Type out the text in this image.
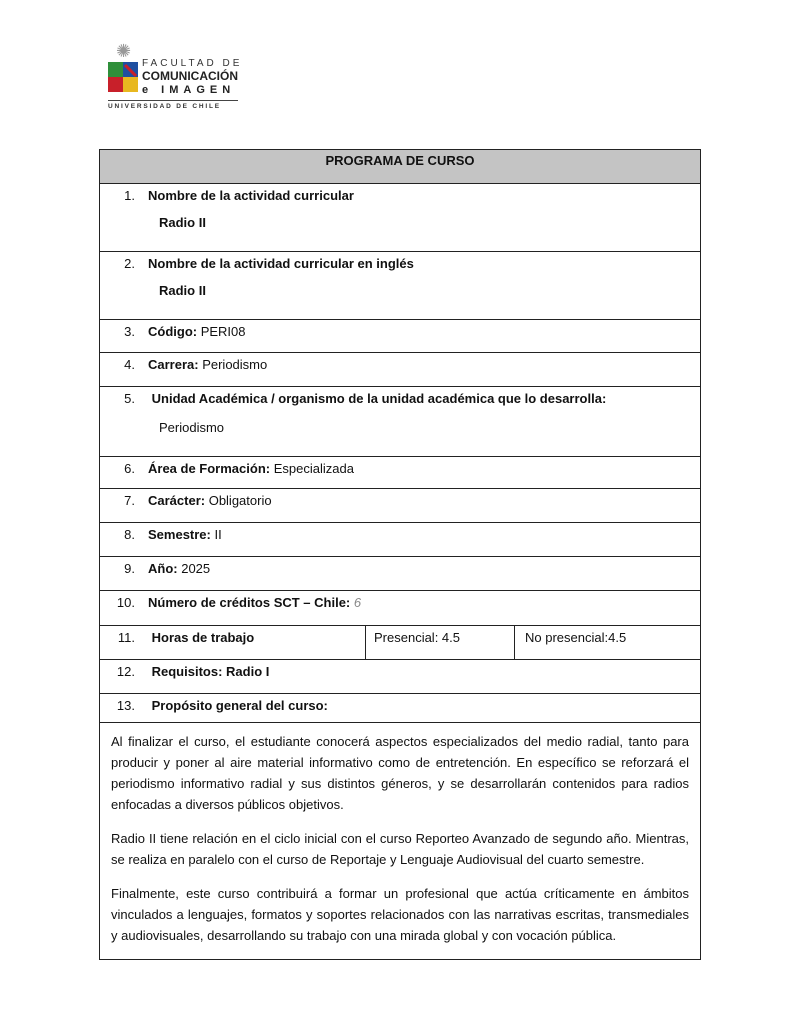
✺
FACULTAD DE
COMUNICACIÓN
e IMAGEN
UNIVERSIDAD DE CHILE
PROGRAMA DE CURSO

1. Nombre de la actividad curricular
Radio II

2. Nombre de la actividad curricular en inglés
Radio II

3. Código: PERI08

4. Carrera: Periodismo

5. Unidad Académica / organismo de la unidad académica que lo desarrolla:
Periodismo

6. Área de Formación: Especializada

7. Carácter: Obligatorio

8. Semestre: II

9. Año: 2025

10. Número de créditos SCT – Chile: 6

11. Horas de trabajo	Presencial: 4.5	No presencial:4.5

12. Requisitos: Radio I

13. Propósito general del curso:

Al finalizar el curso, el estudiante conocerá aspectos especializados del medio radial, tanto para producir y poner al aire material informativo como de entretención. En específico se reforzará el periodismo informativo radial y sus distintos géneros, y se desarrollarán contenidos para radios enfocadas a diversos públicos objetivos.

Radio II tiene relación en el ciclo inicial con el curso Reporteo Avanzado de segundo año. Mientras, se realiza en paralelo con el curso de Reportaje y Lenguaje Audiovisual del cuarto semestre.

Finalmente, este curso contribuirá a formar un profesional que actúa críticamente en ámbitos vinculados a lenguajes, formatos y soportes relacionados con las narrativas escritas, transmediales y audiovisuales, desarrollando su trabajo con una mirada global y con vocación pública.
